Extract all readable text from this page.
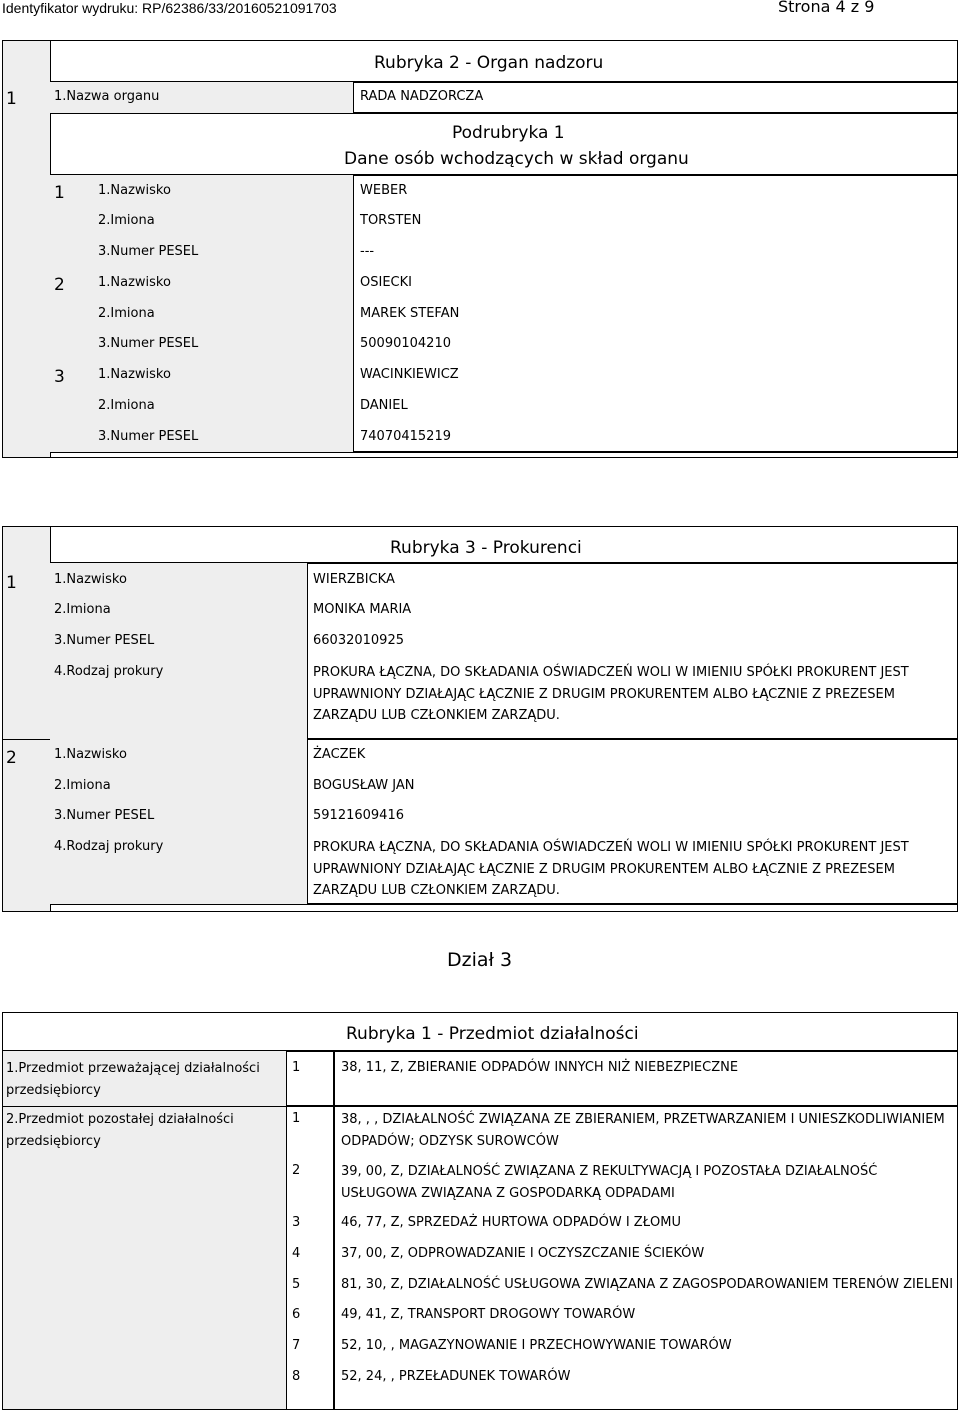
Identyfikator wydruku: RP/62386/33/20160521091703	Strona 4 z 9
Rubryka 2 - Organ nadzoru
1	1.Nazwa organu	RADA NADZORCZA
Podrubryka 1
Dane osób wchodzących w skład organu
1	1.Nazwisko	WEBER
2.Imiona	TORSTEN
3.Numer PESEL	---
2	1.Nazwisko	OSIECKI
2.Imiona	MAREK STEFAN
3.Numer PESEL	50090104210
3	1.Nazwisko	WACINKIEWICZ
2.Imiona	DANIEL
3.Numer PESEL	74070415219
Rubryka 3 - Prokurenci
1	1.Nazwisko	WIERZBICKA
2.Imiona	MONIKA MARIA
3.Numer PESEL	66032010925
4.Rodzaj prokury	PROKURA ŁĄCZNA, DO SKŁADANIA OŚWIADCZEŃ WOLI W IMIENIU SPÓŁKI PROKURENT JEST UPRAWNIONY DZIAŁAJĄC ŁĄCZNIE Z DRUGIM PROKURENTEM ALBO ŁĄCZNIE Z PREZESEM ZARZĄDU LUB CZŁONKIEM ZARZĄDU.
2	1.Nazwisko	ŻACZEK
2.Imiona	BOGUSŁAW JAN
3.Numer PESEL	59121609416
4.Rodzaj prokury	PROKURA ŁĄCZNA, DO SKŁADANIA OŚWIADCZEŃ WOLI W IMIENIU SPÓŁKI PROKURENT JEST UPRAWNIONY DZIAŁAJĄC ŁĄCZNIE Z DRUGIM PROKURENTEM ALBO ŁĄCZNIE Z PREZESEM ZARZĄDU LUB CZŁONKIEM ZARZĄDU.
Dział 3
Rubryka 1 - Przedmiot działalności
1.Przedmiot przeważającej działalności przedsiębiorcy
1	38, 11, Z, ZBIERANIE ODPADÓW INNYCH NIŻ NIEBEZPIECZNE
2.Przedmiot pozostałej działalności przedsiębiorcy
1	38, , , DZIAŁALNOŚĆ ZWIĄZANA ZE ZBIERANIEM, PRZETWARZANIEM I UNIESZKODLIWIANIEM ODPADÓW; ODZYSK SUROWCÓW
2	39, 00, Z, DZIAŁALNOŚĆ ZWIĄZANA Z REKULTYWACJĄ I POZOSTAŁA DZIAŁALNOŚĆ USŁUGOWA ZWIĄZANA Z GOSPODARKĄ ODPADAMI
3	46, 77, Z, SPRZEDAŻ HURTOWA ODPADÓW I ZŁOMU
4	37, 00, Z, ODPROWADZANIE I OCZYSZCZANIE ŚCIEKÓW
5	81, 30, Z, DZIAŁALNOŚĆ USŁUGOWA ZWIĄZANA Z ZAGOSPODAROWANIEM TERENÓW ZIELENI
6	49, 41, Z, TRANSPORT DROGOWY TOWARÓW
7	52, 10, , MAGAZYNOWANIE I PRZECHOWYWANIE TOWARÓW
8	52, 24, , PRZEŁADUNEK TOWARÓW
